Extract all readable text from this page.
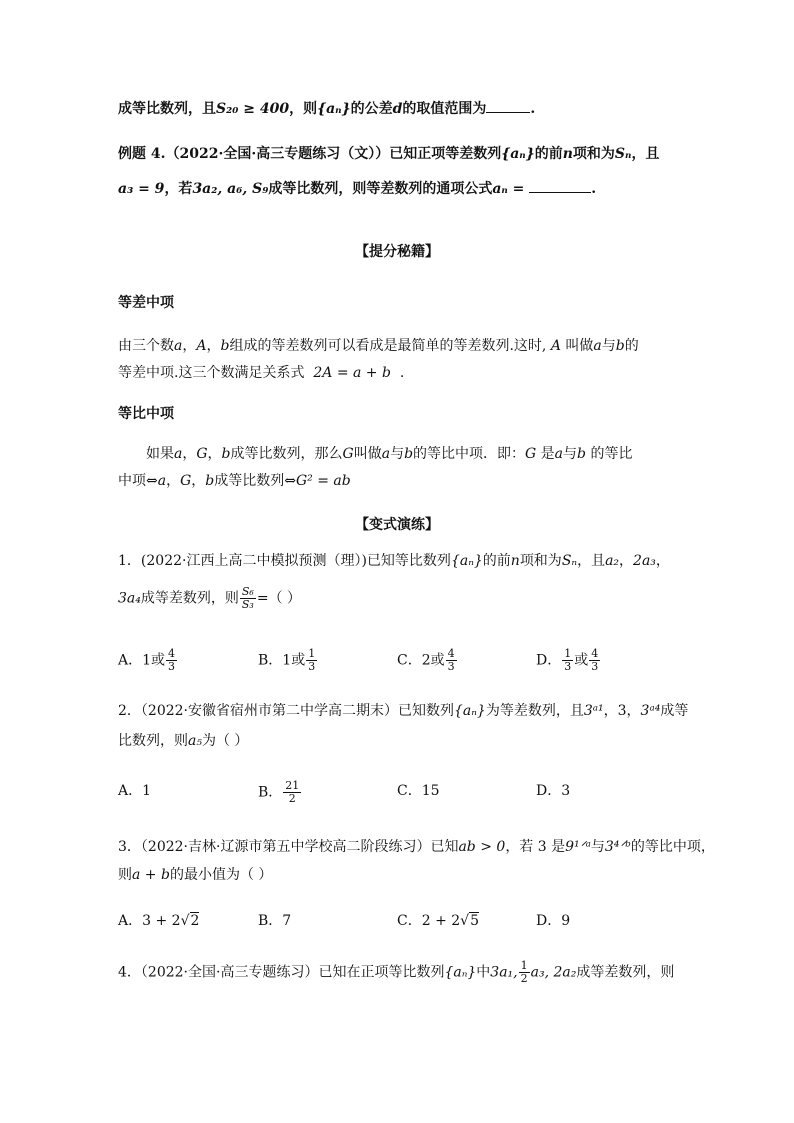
成等比数列，且S₂₀ ≥ 400，则{aₙ}的公差d的取值范围为	.
例题 4.（2022·全国·高三专题练习（文））已知正项等差数列{aₙ}的前n项和为Sₙ，且
a₃ = 9，若3a₂, a₆, S₉成等比数列，则等差数列的通项公式aₙ =	.
【提分秘籍】
等差中项
由三个数a，A，b组成的等差数列可以看成是最简单的等差数列.这时, A 叫做a与b的
等差中项.这三个数满足关系式 2A = a + b .
等比中项
如果a，G，b成等比数列，那么G叫做a与b的等比中项．即：G 是a与b 的等比
中项⇔a，G，b成等比数列⇔G² = ab
【变式演练】
1．(2022·江西上高二中模拟预测（理）)已知等比数列{aₙ}的前n项和为Sₙ，且a₂，2a₃，
3a₄成等差数列，则 $\frac{\text{S₆}}{\text{S₃}}$ =（ ）
A．1或 $\frac{4}{3}$	B．1或 $\frac{1}{3}$	C．2或 $\frac{4}{3}$	D． $\frac{1}{3}$ 或 $\frac{4}{3}$
2．（2022·安徽省宿州市第二中学高二期末）已知数列{aₙ}为等差数列，且3ᵃ¹，3，3ᵃ⁴成等
比数列，则a₅为（ ）
A．1	B． $\frac{21}{2}$	C．15	D．3
3．（2022·吉林·辽源市第五中学校高二阶段练习）已知ab > 0，若 3 是9¹ᐟᵃ与3⁴ᐟᵇ的等比中项，
则a + b的最小值为（ ）
A．3 + 2√2	B．7	C．2 + 2√5	D．9
4．（2022·全国·高三专题练习）已知在正项等比数列{aₙ}中3a₁, $\frac{1}{2} a_3$, 2a₂成等差数列，则
